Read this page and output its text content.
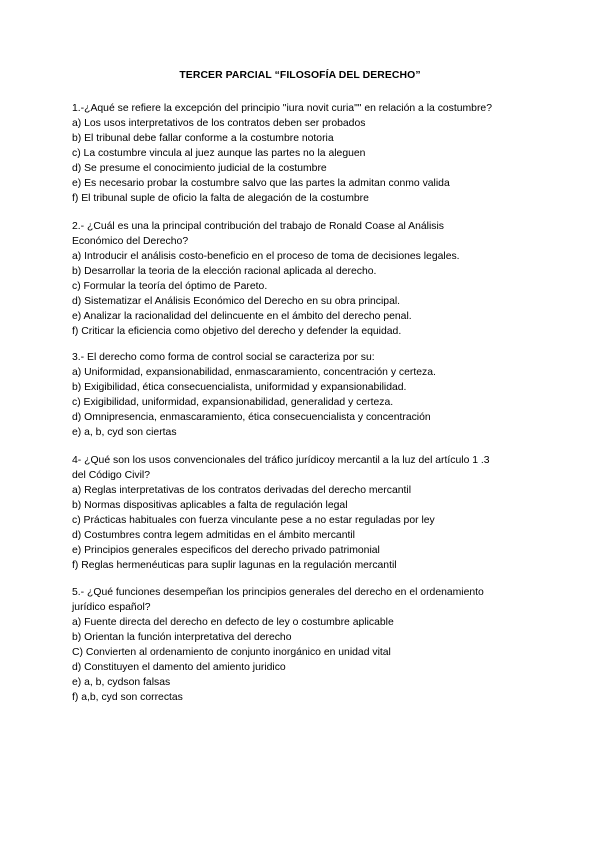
TERCER PARCIAL “FILOSOFÍA DEL DERECHO”
1.-¿Aqué se refiere la excepción del principio "iura novit curia"" en relación a la costumbre?
a) Los usos interpretativos de los contratos deben ser probados
b) El tribunal debe fallar conforme a la costumbre notoria
c) La costumbre vincula al juez aunque las partes no la aleguen
d) Se presume el conocimiento judicial de la costumbre
e) Es necesario probar la costumbre salvo que las partes la admitan conmo valida
f) El tribunal suple de oficio la falta de alegación de la costumbre
2.- ¿Cuál es una la principal contribución del trabajo de Ronald Coase al Análisis
Económico del Derecho?
a) Introducir el análisis costo-beneficio en el proceso de toma de decisiones legales.
b) Desarrollar la teoria de la elección racional aplicada al derecho.
c) Formular la teoría del óptimo de Pareto.
d) Sistematizar el Análisis Económico del Derecho en su obra principal.
e) Analizar la racionalidad del delincuente en el ámbito del derecho penal.
f) Criticar la eficiencia como objetivo del derecho y defender la equidad.
3.- El derecho como forma de control social se caracteriza por su:
a) Uniformidad, expansionabilidad, enmascaramiento, concentración y certeza.
b) Exigibilidad, ética consecuencialista, uniformidad y expansionabilidad.
c) Exigibilidad, uniformidad, expansionabilidad, generalidad y certeza.
d) Omnipresencia, enmascaramiento, ética consecuencialista y concentración
e) a, b, cyd son ciertas
4- ¿Qué son los usos convencionales del tráfico jurídicoy mercantil a la luz del artículo 1 .3
del Código Civil?
a) Reglas interpretativas de los contratos derivadas del derecho mercantil
b) Normas dispositivas aplicables a falta de regulación legal
c) Prácticas habituales con fuerza vinculante pese a no estar reguladas por ley
d) Costumbres contra legem admitidas en el ámbito mercantil
e) Principios generales especificos del derecho privado patrimonial
f) Reglas hermenéuticas para suplir lagunas en la regulación mercantil
5.- ¿Qué funciones desempeñan los principios generales del derecho en el ordenamiento
jurídico español?
a) Fuente directa del derecho en defecto de ley o costumbre aplicable
b) Orientan la función interpretativa del derecho
C) Convierten al ordenamiento de conjunto inorgánico en unidad vital
d) Constituyen el damento del amiento juridico
e) a, b, cydson falsas
f) a,b, cyd son correctas
